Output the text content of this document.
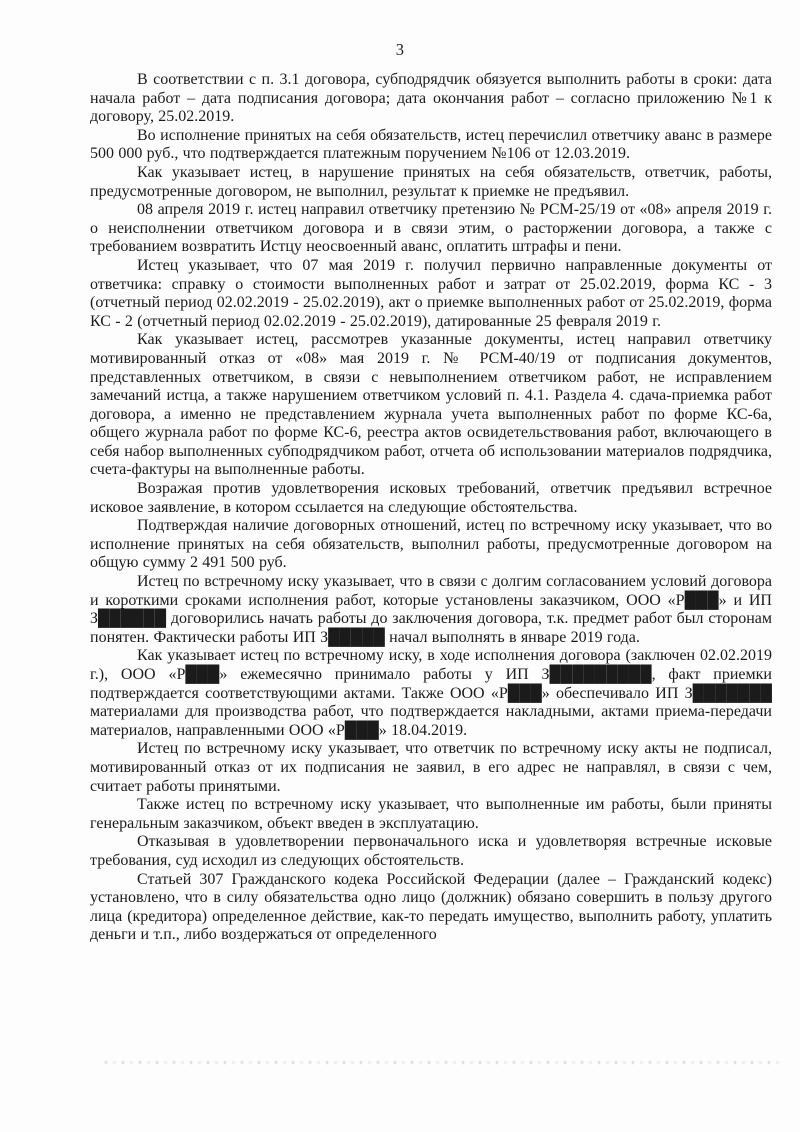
3

В соответствии с п. 3.1 договора, субподрядчик обязуется выполнить работы в сроки: дата начала работ – дата подписания договора; дата окончания работ – согласно приложению №1 к договору, 25.02.2019.

Во исполнение принятых на себя обязательств, истец перечислил ответчику аванс в размере 500 000 руб., что подтверждается платежным поручением №106 от 12.03.2019.

Как указывает истец, в нарушение принятых на себя обязательств, ответчик, работы, предусмотренные договором, не выполнил, результат к приемке не предъявил.

08 апреля 2019 г. истец направил ответчику претензию № РСМ-25/19 от «08» апреля 2019 г. о неисполнении ответчиком договора и в связи этим, о расторжении договора, а также с требованием возвратить Истцу неосвоенный аванс, оплатить штрафы и пени.

Истец указывает, что 07 мая 2019 г. получил первично направленные документы от ответчика: справку о стоимости выполненных работ и затрат от 25.02.2019, форма КС - 3 (отчетный период 02.02.2019 - 25.02.2019), акт о приемке выполненных работ от 25.02.2019, форма КС - 2 (отчетный период 02.02.2019 - 25.02.2019), датированные 25 февраля 2019 г.

Как указывает истец, рассмотрев указанные документы, истец направил ответчику мотивированный отказ от «08» мая 2019 г. № РСМ-40/19 от подписания документов, представленных ответчиком, в связи с невыполнением ответчиком работ, не исправлением замечаний истца, а также нарушением ответчиком условий п. 4.1. Раздела 4. сдача-приемка работ договора, а именно не представлением журнала учета выполненных работ по форме КС-6а, общего журнала работ по форме КС-6, реестра актов освидетельствования работ, включающего в себя набор выполненных субподрядчиком работ, отчета об использовании материалов подрядчика, счета-фактуры на выполненные работы.

Возражая против удовлетворения исковых требований, ответчик предъявил встречное исковое заявление, в котором ссылается на следующие обстоятельства.

Подтверждая наличие договорных отношений, истец по встречному иску указывает, что во исполнение принятых на себя обязательств, выполнил работы, предусмотренные договором на общую сумму 2 491 500 руб.

Истец по встречному иску указывает, что в связи с долгим согласованием условий договора и короткими сроками исполнения работ, которые установлены заказчиком, ООО «Р███» и ИП З██████ договорились начать работы до заключения договора, т.к. предмет работ был сторонам понятен. Фактически работы ИП З█████ начал выполнять в январе 2019 года.

Как указывает истец по встречному иску, в ходе исполнения договора (заключен 02.02.2019 г.), ООО «Р███» ежемесячно принимало работы у ИП З█████████, факт приемки подтверждается соответствующими актами. Также ООО «Р███» обеспечивало ИП З███████ материалами для производства работ, что подтверждается накладными, актами приема-передачи материалов, направленными ООО «Р███» 18.04.2019.

Истец по встречному иску указывает, что ответчик по встречному иску акты не подписал, мотивированный отказ от их подписания не заявил, в его адрес не направлял, в связи с чем, считает работы принятыми.

Также истец по встречному иску указывает, что выполненные им работы, были приняты генеральным заказчиком, объект введен в эксплуатацию.

Отказывая в удовлетворении первоначального иска и удовлетворяя встречные исковые требования, суд исходил из следующих обстоятельств.

Статьей 307 Гражданского кодека Российской Федерации (далее – Гражданский кодекс) установлено, что в силу обязательства одно лицо (должник) обязано совершить в пользу другого лица (кредитора) определенное действие, как-то передать имущество, выполнить работу, уплатить деньги и т.п., либо воздержаться от определенного
